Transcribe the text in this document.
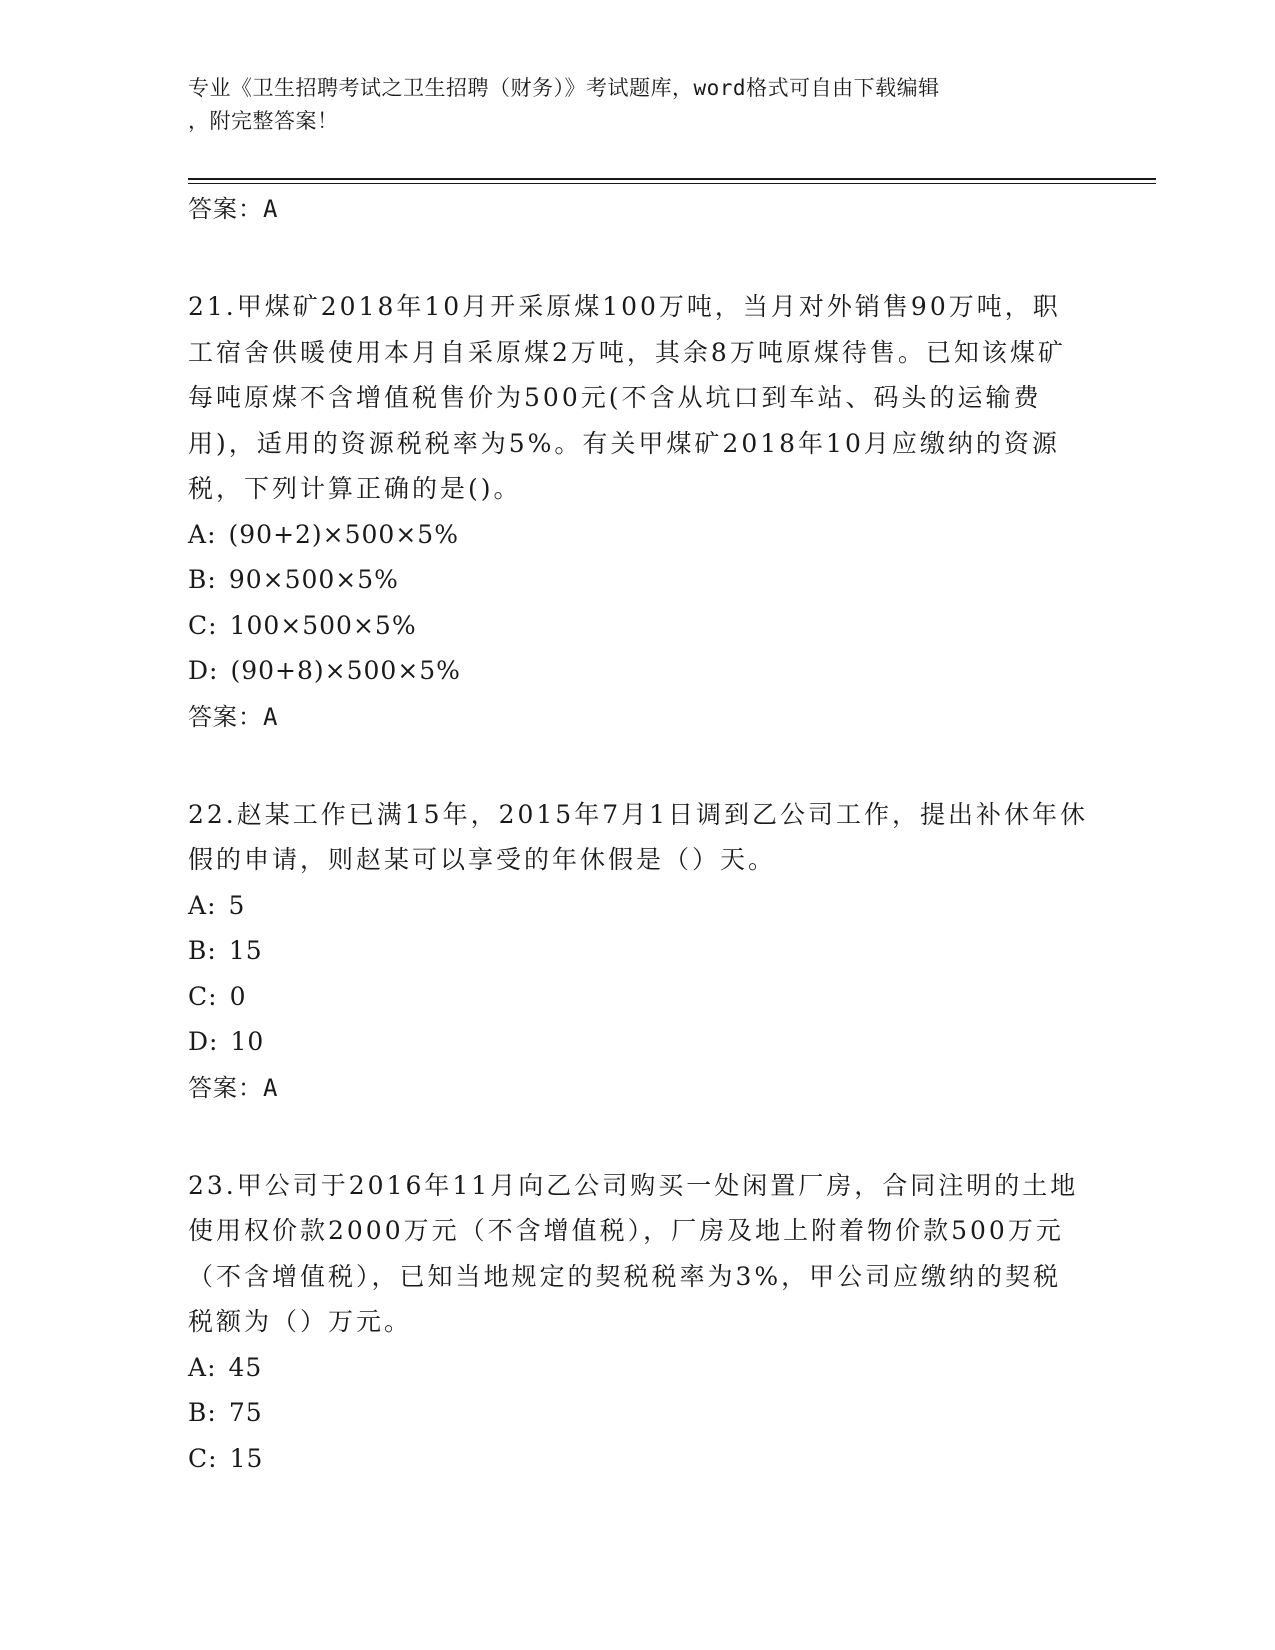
专业《卫生招聘考试之卫生招聘（财务）》考试题库，word格式可自由下载编辑
，附完整答案！
答案：A
21.甲煤矿2018年10月开采原煤100万吨，当月对外销售90万吨，职工宿舍供暖使用本月自采原煤2万吨，其余8万吨原煤待售。已知该煤矿每吨原煤不含增值税售价为500元(不含从坑口到车站、码头的运输费用)，适用的资源税税率为5%。有关甲煤矿2018年10月应缴纳的资源税，下列计算正确的是()。
A: (90+2)×500×5%
B: 90×500×5%
C: 100×500×5%
D: (90+8)×500×5%
答案：A
22.赵某工作已满15年，2015年7月1日调到乙公司工作，提出补休年休假的申请，则赵某可以享受的年休假是（）天。
A: 5
B: 15
C: 0
D: 10
答案：A
23.甲公司于2016年11月向乙公司购买一处闲置厂房，合同注明的土地使用权价款2000万元（不含增值税），厂房及地上附着物价款500万元（不含增值税），已知当地规定的契税税率为3%，甲公司应缴纳的契税税额为（）万元。
A: 45
B: 75
C: 15
